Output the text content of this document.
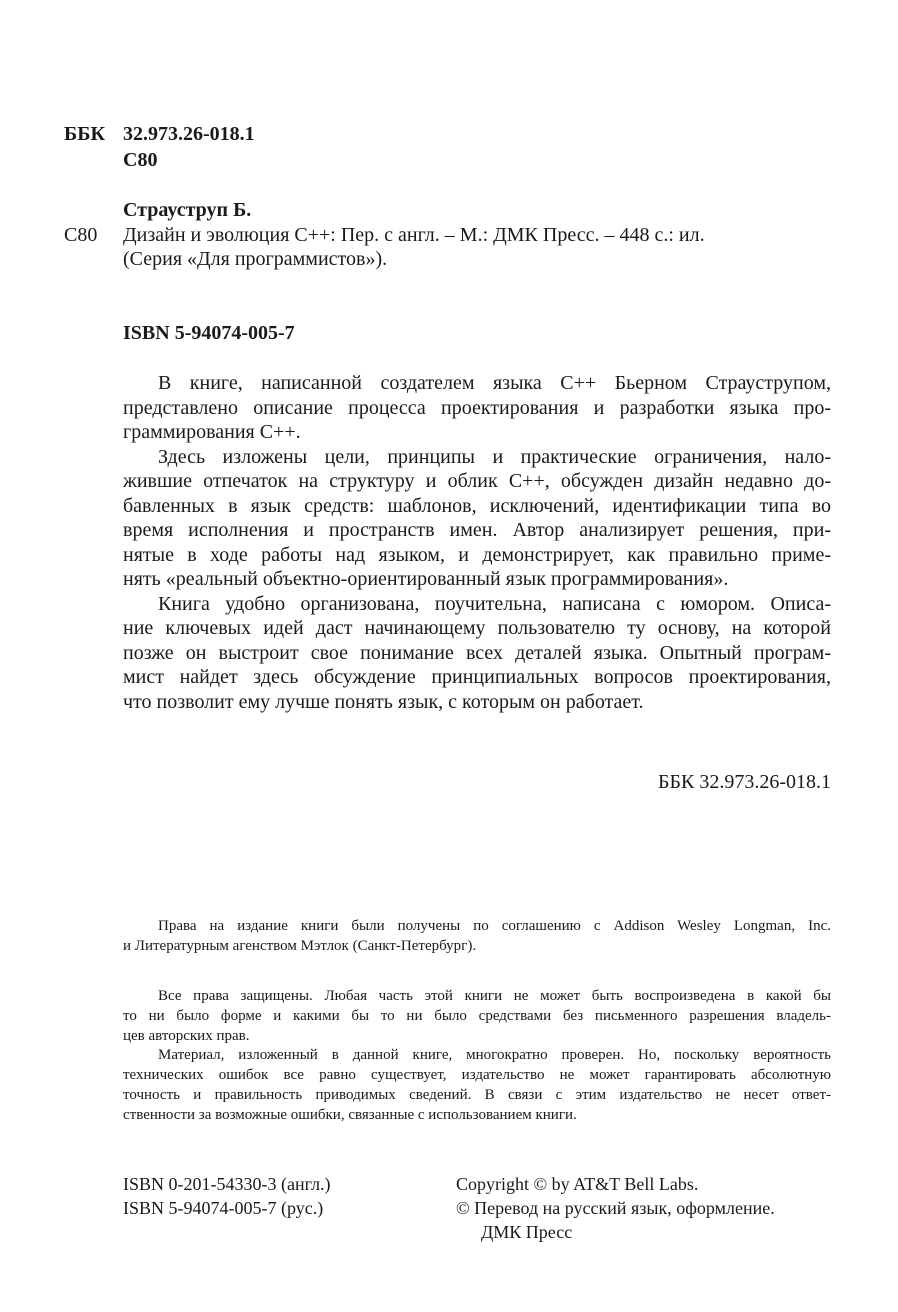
ББК 32.973.26-018.1
С80

Страуструп Б.

С80 Дизайн и эволюция С++: Пер. с англ. – М.: ДМК Пресс. – 448 с.: ил.

(Серия «Для программистов»).

ISBN 5-94074-005-7

В книге, написанной создателем языка С++ Бьерном Страуструпом,

представлено описание процесса проектирования и разработки языка про-

граммирования С++.

Здесь изложены цели, принципы и практические ограничения, нало-

жившие отпечаток на структуру и облик С++, обсужден дизайн недавно до-

бавленных в язык средств: шаблонов, исключений, идентификации типа во

время исполнения и пространств имен. Автор анализирует решения, при-

нятые в ходе работы над языком, и демонстрирует, как правильно приме-

нять «реальный объектно-ориентированный язык программирования».

Книга удобно организована, поучительна, написана с юмором. Описа-

ние ключевых идей даст начинающему пользователю ту основу, на которой

позже он выстроит свое понимание всех деталей языка. Опытный програм-

мист найдет здесь обсуждение принципиальных вопросов проектирования,

что позволит ему лучше понять язык, с которым он работает.

ББК 32.973.26-018.1

Права на издание книги были получены по соглашению с Addison Wesley Longman, Inc.

и Литературным агенством Мэтлок (Санкт-Петербург).

Все права защищены. Любая часть этой книги не может быть воспроизведена в какой бы

то ни было форме и какими бы то ни было средствами без письменного разрешения владель-

цев авторских прав.

Материал, изложенный в данной книге, многократно проверен. Но, поскольку вероятность

технических ошибок все равно существует, издательство не может гарантировать абсолютную

точность и правильность приводимых сведений. В связи с этим издательство не несет ответ-

ственности за возможные ошибки, связанные с использованием книги.

ISBN 0-201-54330-3 (англ.)

ISBN 5-94074-005-7 (рус.)

Copyright © by AT&T Bell Labs.

© Перевод на русский язык, оформление.

ДМК Пресс
